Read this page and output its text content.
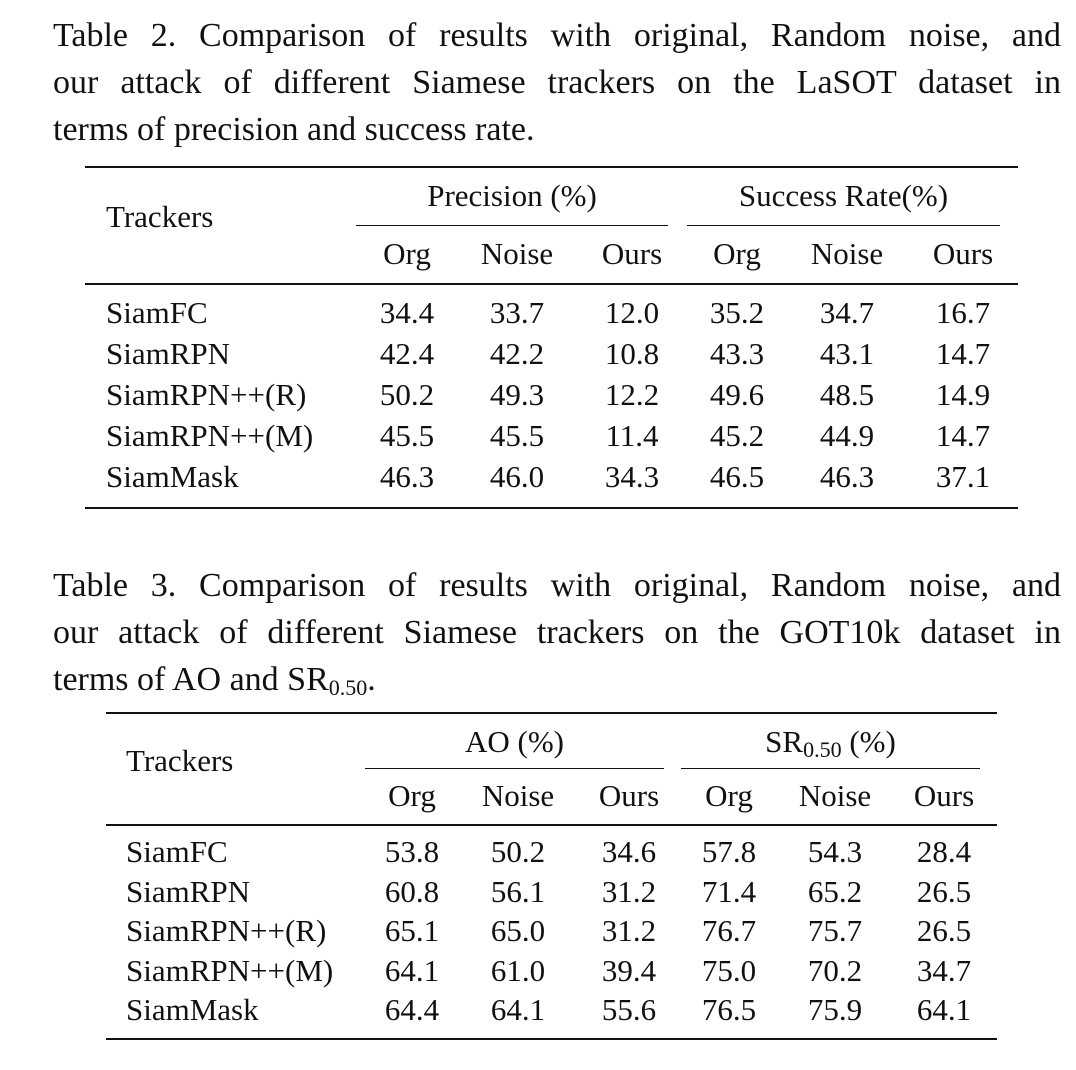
Table 2. Comparison of results with original, Random noise, and
our attack of different Siamese trackers on the LaSOT dataset in
terms of precision and success rate.

Trackers
Precision (%)	Success Rate(%)
Org	Noise	Ours	Org	Noise	Ours
SiamFC	34.4	33.7	12.0	35.2	34.7	16.7
SiamRPN	42.4	42.2	10.8	43.3	43.1	14.7
SiamRPN++(R)	50.2	49.3	12.2	49.6	48.5	14.9
SiamRPN++(M)	45.5	45.5	11.4	45.2	44.9	14.7
SiamMask	46.3	46.0	34.3	46.5	46.3	37.1

Table 3. Comparison of results with original, Random noise, and
our attack of different Siamese trackers on the GOT10k dataset in
terms of AO and $SR_{0.50}$.

Trackers
AO (%)	$SR_{0.50}$ (%)
Org	Noise	Ours	Org	Noise	Ours
SiamFC	53.8	50.2	34.6	57.8	54.3	28.4
SiamRPN	60.8	56.1	31.2	71.4	65.2	26.5
SiamRPN++(R)	65.1	65.0	31.2	76.7	75.7	26.5
SiamRPN++(M)	64.1	61.0	39.4	75.0	70.2	34.7
SiamMask	64.4	64.1	55.6	76.5	75.9	64.1
